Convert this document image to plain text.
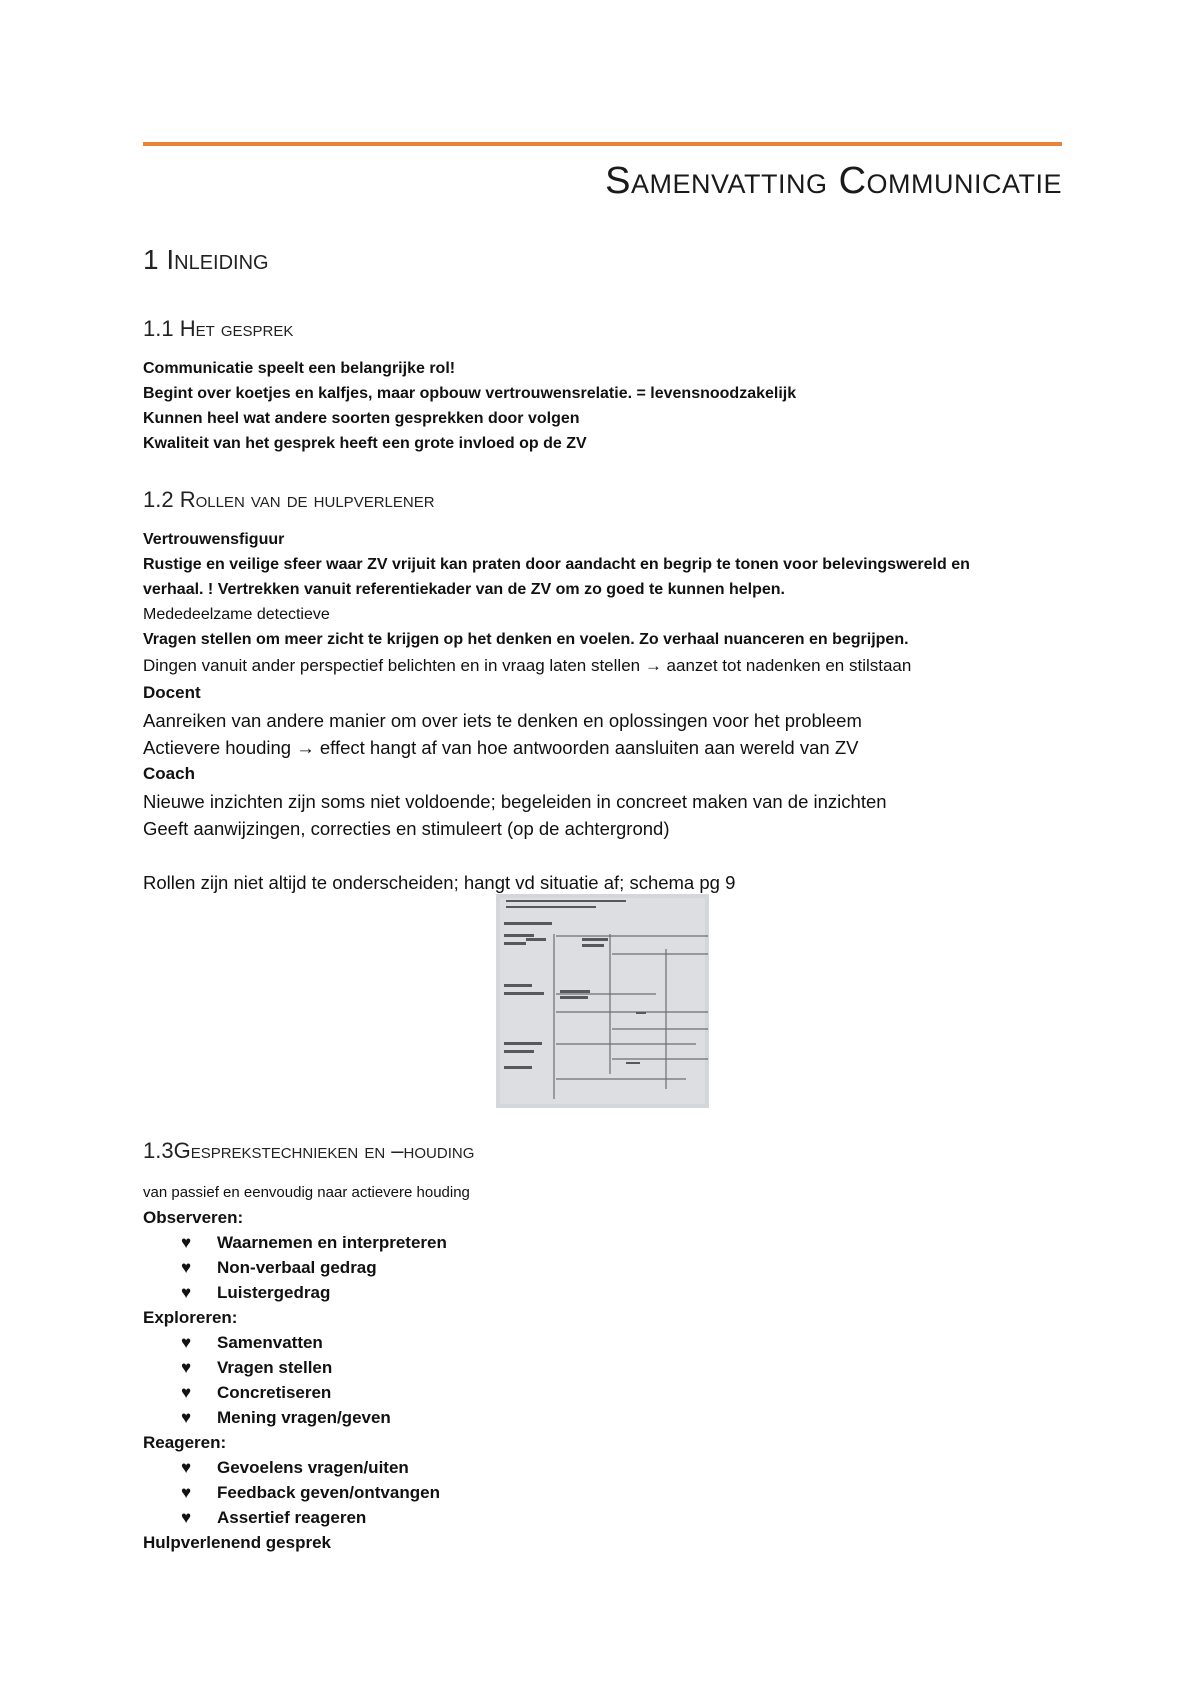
Samenvatting Communicatie
1 Inleiding
1.1 Het gesprek
Communicatie speelt een belangrijke rol!
Begint over koetjes en kalfjes, maar opbouw vertrouwensrelatie. = levensnoodzakelijk
Kunnen heel wat andere soorten gesprekken door volgen
Kwaliteit van het gesprek heeft een grote invloed op de ZV
1.2 Rollen van de hulpverlener
Vertrouwensfiguur
Rustige en veilige sfeer waar ZV vrijuit kan praten door aandacht en begrip te tonen voor belevingswereld en
verhaal. ! Vertrekken vanuit referentiekader van de ZV om zo goed te kunnen helpen.
Mededeelzame detectieve
Vragen stellen om meer zicht te krijgen op het denken en voelen. Zo verhaal nuanceren en begrijpen.
Dingen vanuit ander perspectief belichten en in vraag laten stellen → aanzet tot nadenken en stilstaan
Docent
Aanreiken van andere manier om over iets te denken en oplossingen voor het probleem
Actievere houding → effect hangt af van hoe antwoorden aansluiten aan wereld van ZV
Coach
Nieuwe inzichten zijn soms niet voldoende; begeleiden in concreet maken van de inzichten
Geeft aanwijzingen, correcties en stimuleert (op de achtergrond)
Rollen zijn niet altijd te onderscheiden; hangt vd situatie af; schema pg 9
1.3Gesprekstechnieken en –houding
van passief en eenvoudig naar actievere houding
Observeren:
♥ Waarnemen en interpreteren
♥ Non-verbaal gedrag
♥ Luistergedrag
Exploreren:
♥ Samenvatten
♥ Vragen stellen
♥ Concretiseren
♥ Mening vragen/geven
Reageren:
♥ Gevoelens vragen/uiten
♥ Feedback geven/ontvangen
♥ Assertief reageren
Hulpverlenend gesprek
